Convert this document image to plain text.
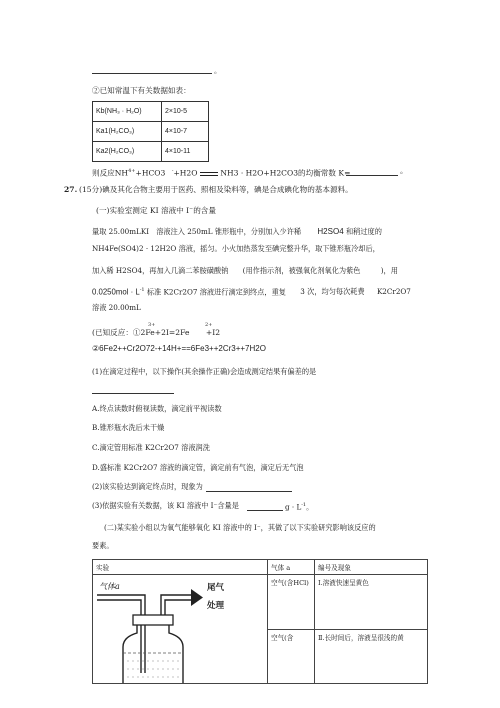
。
②已知常温下有关数据如表：
Kb(NH₃ · H₂O)	2×10-5
Ka1(H₂CO₃)	4×10-7
Ka2(H₂CO₃)	4×10-11
则反应$NH^{4+}+HCO3$ -+H2O	NH3 · H2O+H2CO3的均衡常数 K=	。
27. (15分)碘及其化合物主要用于医药、照相及染料等，碘是合成碘化物的基本源料。
(一)实验室测定 KI 溶液中 I⁻的含量
量取 25.00mLKI　溶液注入 250mL 锥形瓶中，分别加入少许稀 H2SO4 和稍过度的
NH4Fe(SO4)2 · 12H2O 溶液，摇匀。小火加热蒸发至碘完整升华，取下锥形瓶冷却后，
加入稀 H2SO4，再加入几滴二苯胺磺酸钠 (用作指示剂，被强氧化剂氧化为紫色	)，用
$0.0250mol \cdot L^{-1}$ 标准 K2Cr2O7 溶液进行滴定到终点，重复 3 次，均匀每次耗费 K2Cr2O7
溶液 20.00mL
3+	2+
(已知反应：①2Fe+2I=2Fe +I2
②6Fe2++Cr2O72-+14H+==6Fe3++2Cr3++7H2O
(1)在滴定过程中，以下操作(其余操作正确)会造成测定结果有偏差的是
A.终点读数时俯视读数，滴定前平视读数
B.锥形瓶水洗后未干燥
C.滴定管用标准 K2Cr2O7 溶液润洗
D.盛标准 K2Cr2O7 溶液的滴定管，滴定前有气泡，滴定后无气泡
(2)该实验达到滴定终点时，现象为
(3)依据实验有关数据，该 KI 溶液中 I⁻含量是	$g \cdot L^{-1}$。
(二)某实验小组以为氧气能够氧化 KI 溶液中的 I⁻，其做了以下实验研究影响该反应的
要素。
实验	气体 a	编号及现象

气体a 尾气
处理	空气(含HCl)	Ⅰ.溶液快速呈黄色
	空气(含	Ⅱ.长时间后，溶液呈很浅的黄
